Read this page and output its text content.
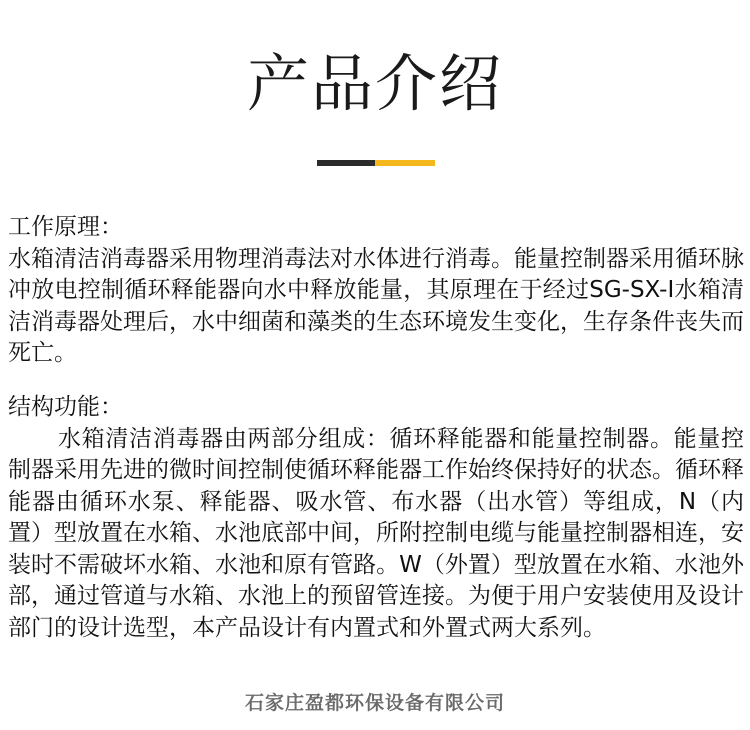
产品介绍
工作原理：
水箱清洁消毒器采用物理消毒法对水体进行消毒。能量控制器采用循环脉冲放电控制循环释能器向水中释放能量，其原理在于经过SG-SX-I水箱清洁消毒器处理后，水中细菌和藻类的生态环境发生变化，生存条件丧失而死亡。
结构功能：
水箱清洁消毒器由两部分组成：循环释能器和能量控制器。能量控制器采用先进的微时间控制使循环释能器工作始终保持好的状态。循环释能器由循环水泵、释能器、吸水管、布水器（出水管）等组成，N（内置）型放置在水箱、水池底部中间，所附控制电缆与能量控制器相连，安装时不需破坏水箱、水池和原有管路。W（外置）型放置在水箱、水池外部，通过管道与水箱、水池上的预留管连接。为便于用户安装使用及设计部门的设计选型，本产品设计有内置式和外置式两大系列。
石家庄盈都环保设备有限公司
